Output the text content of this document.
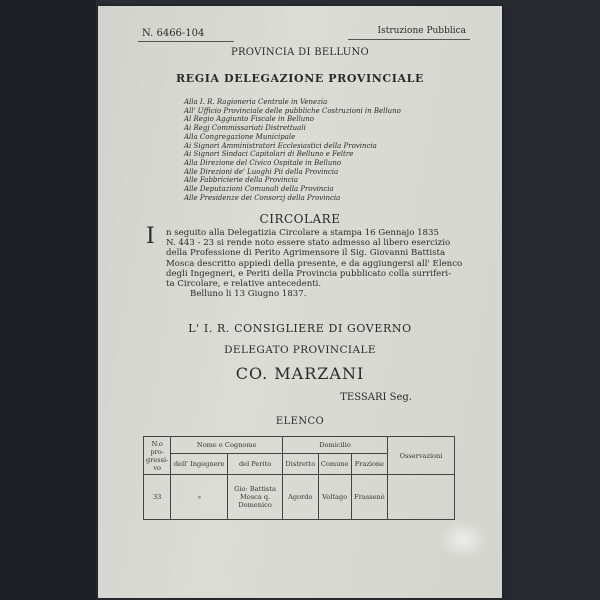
N. 6466-104	Istruzione Pubblica
PROVINCIA DI BELLUNO
REGIA DELEGAZIONE PROVINCIALE
Alla I. R. Ragioneria Centrale in Venezia
All' Ufficio Provinciale delle pubbliche Costruzioni in Belluno
Al Regio Aggiunto Fiscale in Belluno
Ai Regj Commissariati Distrettuali
Alla Congregazione Municipale
Ai Signori Amministratori Ecclesiastici della Provincia
Ai Signori Sindaci Capitolari di Belluno e Feltre
Alla Direzione del Civico Ospitale in Belluno
Alle Direzioni de' Luoghi Pii della Provincia
Alle Fabbricierie della Provincia
Alle Deputazioni Comunali della Provincia
Alle Presidenze dei Consorzj della Provincia
CIRCOLARE
I n seguito alla Delegatizia Circolare a stampa 16 Gennajo 1835
N. 443 - 23 si rende noto essere stato admesso al libero esercizio
della Professione di Perito Agrimensore il Sig. Giovanni Battista
Mosca descritto appiedi della presente, e da aggiungersi all' Elenco
degli Ingegneri, e Periti della Provincia pubblicato colla surriferi-
ta Circolare, e relative antecedenti.
Belluno li 13 Giugno 1837.
L' I. R. CONSIGLIERE DI GOVERNO
DELEGATO PROVINCIALE
CO. MARZANI
TESSARI Seg.
ELENCO
N.o pro- gressi- vo	Nome e Cognome		Domicilio			Osservazioni
	dell' Ingegnere	del Perito	Distretto	Comune	Frazione	
33	»	Gio: Battista Mosca q. Domenico	Agordo	Voltago	Frassenè	
